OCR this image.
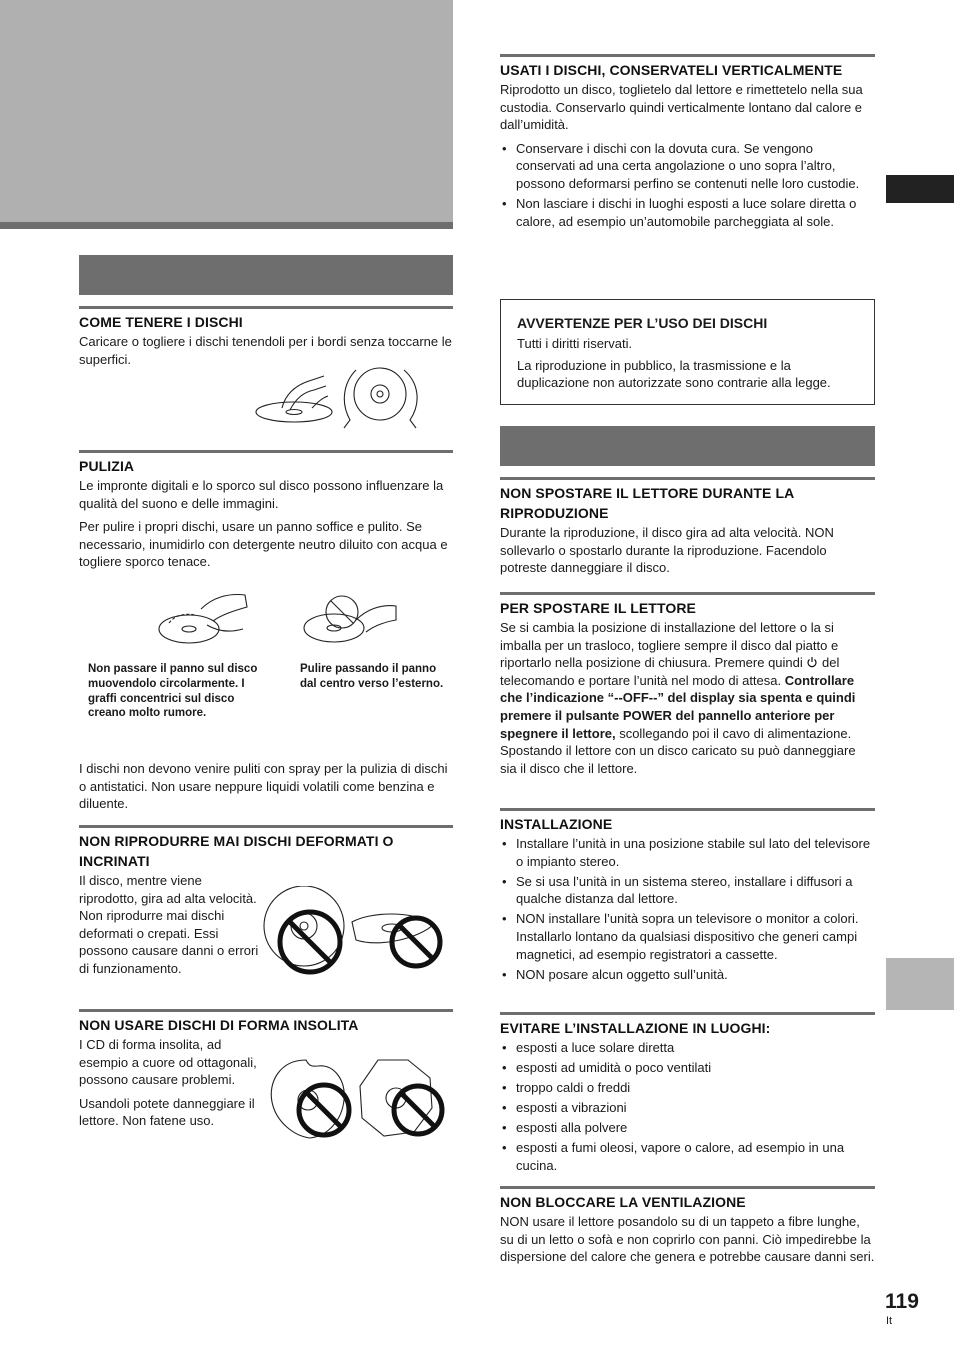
COME TENERE I DISCHI

Caricare o togliere i dischi tenendoli per i bordi senza toccarne le superfici.

PULIZIA

Le impronte digitali e lo sporco sul disco possono influenzare la qualità del suono e delle immagini.

Per pulire i propri dischi, usare un panno soffice e pulito. Se necessario, inumidirlo con detergente neutro diluito con acqua e togliere sporco tenace.

Non passare il panno sul disco muovendolo circolarmente. I graffi concentrici sul disco creano molto rumore.
Pulire passando il panno dal centro verso l’esterno.
I dischi non devono venire puliti con spray per la pulizia di dischi o antistatici. Non usare neppure liquidi volatili come benzina e diluente.
NON RIPRODURRE MAI DISCHI DEFORMATI O INCRINATI

Il disco, mentre viene riprodotto, gira ad alta velocità. Non riprodurre mai dischi deformati o crepati. Essi possono causare danni o errori di funzionamento.

NON USARE DISCHI DI FORMA INSOLITA

I CD di forma insolita, ad esempio a cuore od ottagonali, possono causare problemi.

Usandoli potete danneggiare il lettore. Non fatene uso.

USATI I DISCHI, CONSERVATELI VERTICALMENTE

Riprodotto un disco, toglietelo dal lettore e rimettetelo nella sua custodia. Conservarlo quindi verticalmente lontano dal calore e dall’umidità.

• Conservare i dischi con la dovuta cura. Se vengono conservati ad una certa angolazione o uno sopra l’altro, possono deformarsi perfino se contenuti nelle loro custodie.
• Non lasciare i dischi in luoghi esposti a luce solare diretta o calore, ad esempio un’automobile parcheggiata al sole.
AVVERTENZE PER L’USO DEI DISCHI

Tutti i diritti riservati.

La riproduzione in pubblico, la trasmissione e la duplicazione non autorizzate sono contrarie alla legge.

NON SPOSTARE IL LETTORE DURANTE LA RIPRODUZIONE

Durante la riproduzione, il disco gira ad alta velocità. NON sollevarlo o spostarlo durante la riproduzione. Facendolo potreste danneggiare il disco.

PER SPOSTARE IL LETTORE

Se si cambia la posizione di installazione del lettore o la si imballa per un trasloco, togliere sempre il disco dal piatto e riportarlo nella posizione di chiusura. Premere quindi  del telecomando e portare l’unità nel modo di attesa. Controllare che l’indicazione “--OFF--” del display sia spenta e quindi premere il pulsante POWER del pannello anteriore per spegnere il lettore, scollegando poi il cavo di alimentazione. Spostando il lettore con un disco caricato su può danneggiare sia il disco che il lettore.

INSTALLAZIONE
• Installare l’unità in una posizione stabile sul lato del televisore o impianto stereo.
• Se si usa l’unità in un sistema stereo, installare i diffusori a qualche distanza dal lettore.
• NON installare l’unità sopra un televisore o monitor a colori. Installarlo lontano da qualsiasi dispositivo che generi campi magnetici, ad esempio registratori a cassette.
• NON posare alcun oggetto sull’unità.
EVITARE L’INSTALLAZIONE IN LUOGHI:
• esposti a luce solare diretta
• esposti ad umidità o poco ventilati
• troppo caldi o freddi
• esposti a vibrazioni
• esposti alla polvere
• esposti a fumi oleosi, vapore o calore, ad esempio in una cucina.
NON BLOCCARE LA VENTILAZIONE

NON usare il lettore posandolo su di un tappeto a fibre lunghe, su di un letto o sofà e non coprirlo con panni. Ciò impedirebbe la dispersione del calore che genera e potrebbe causare danni seri.

119
It
